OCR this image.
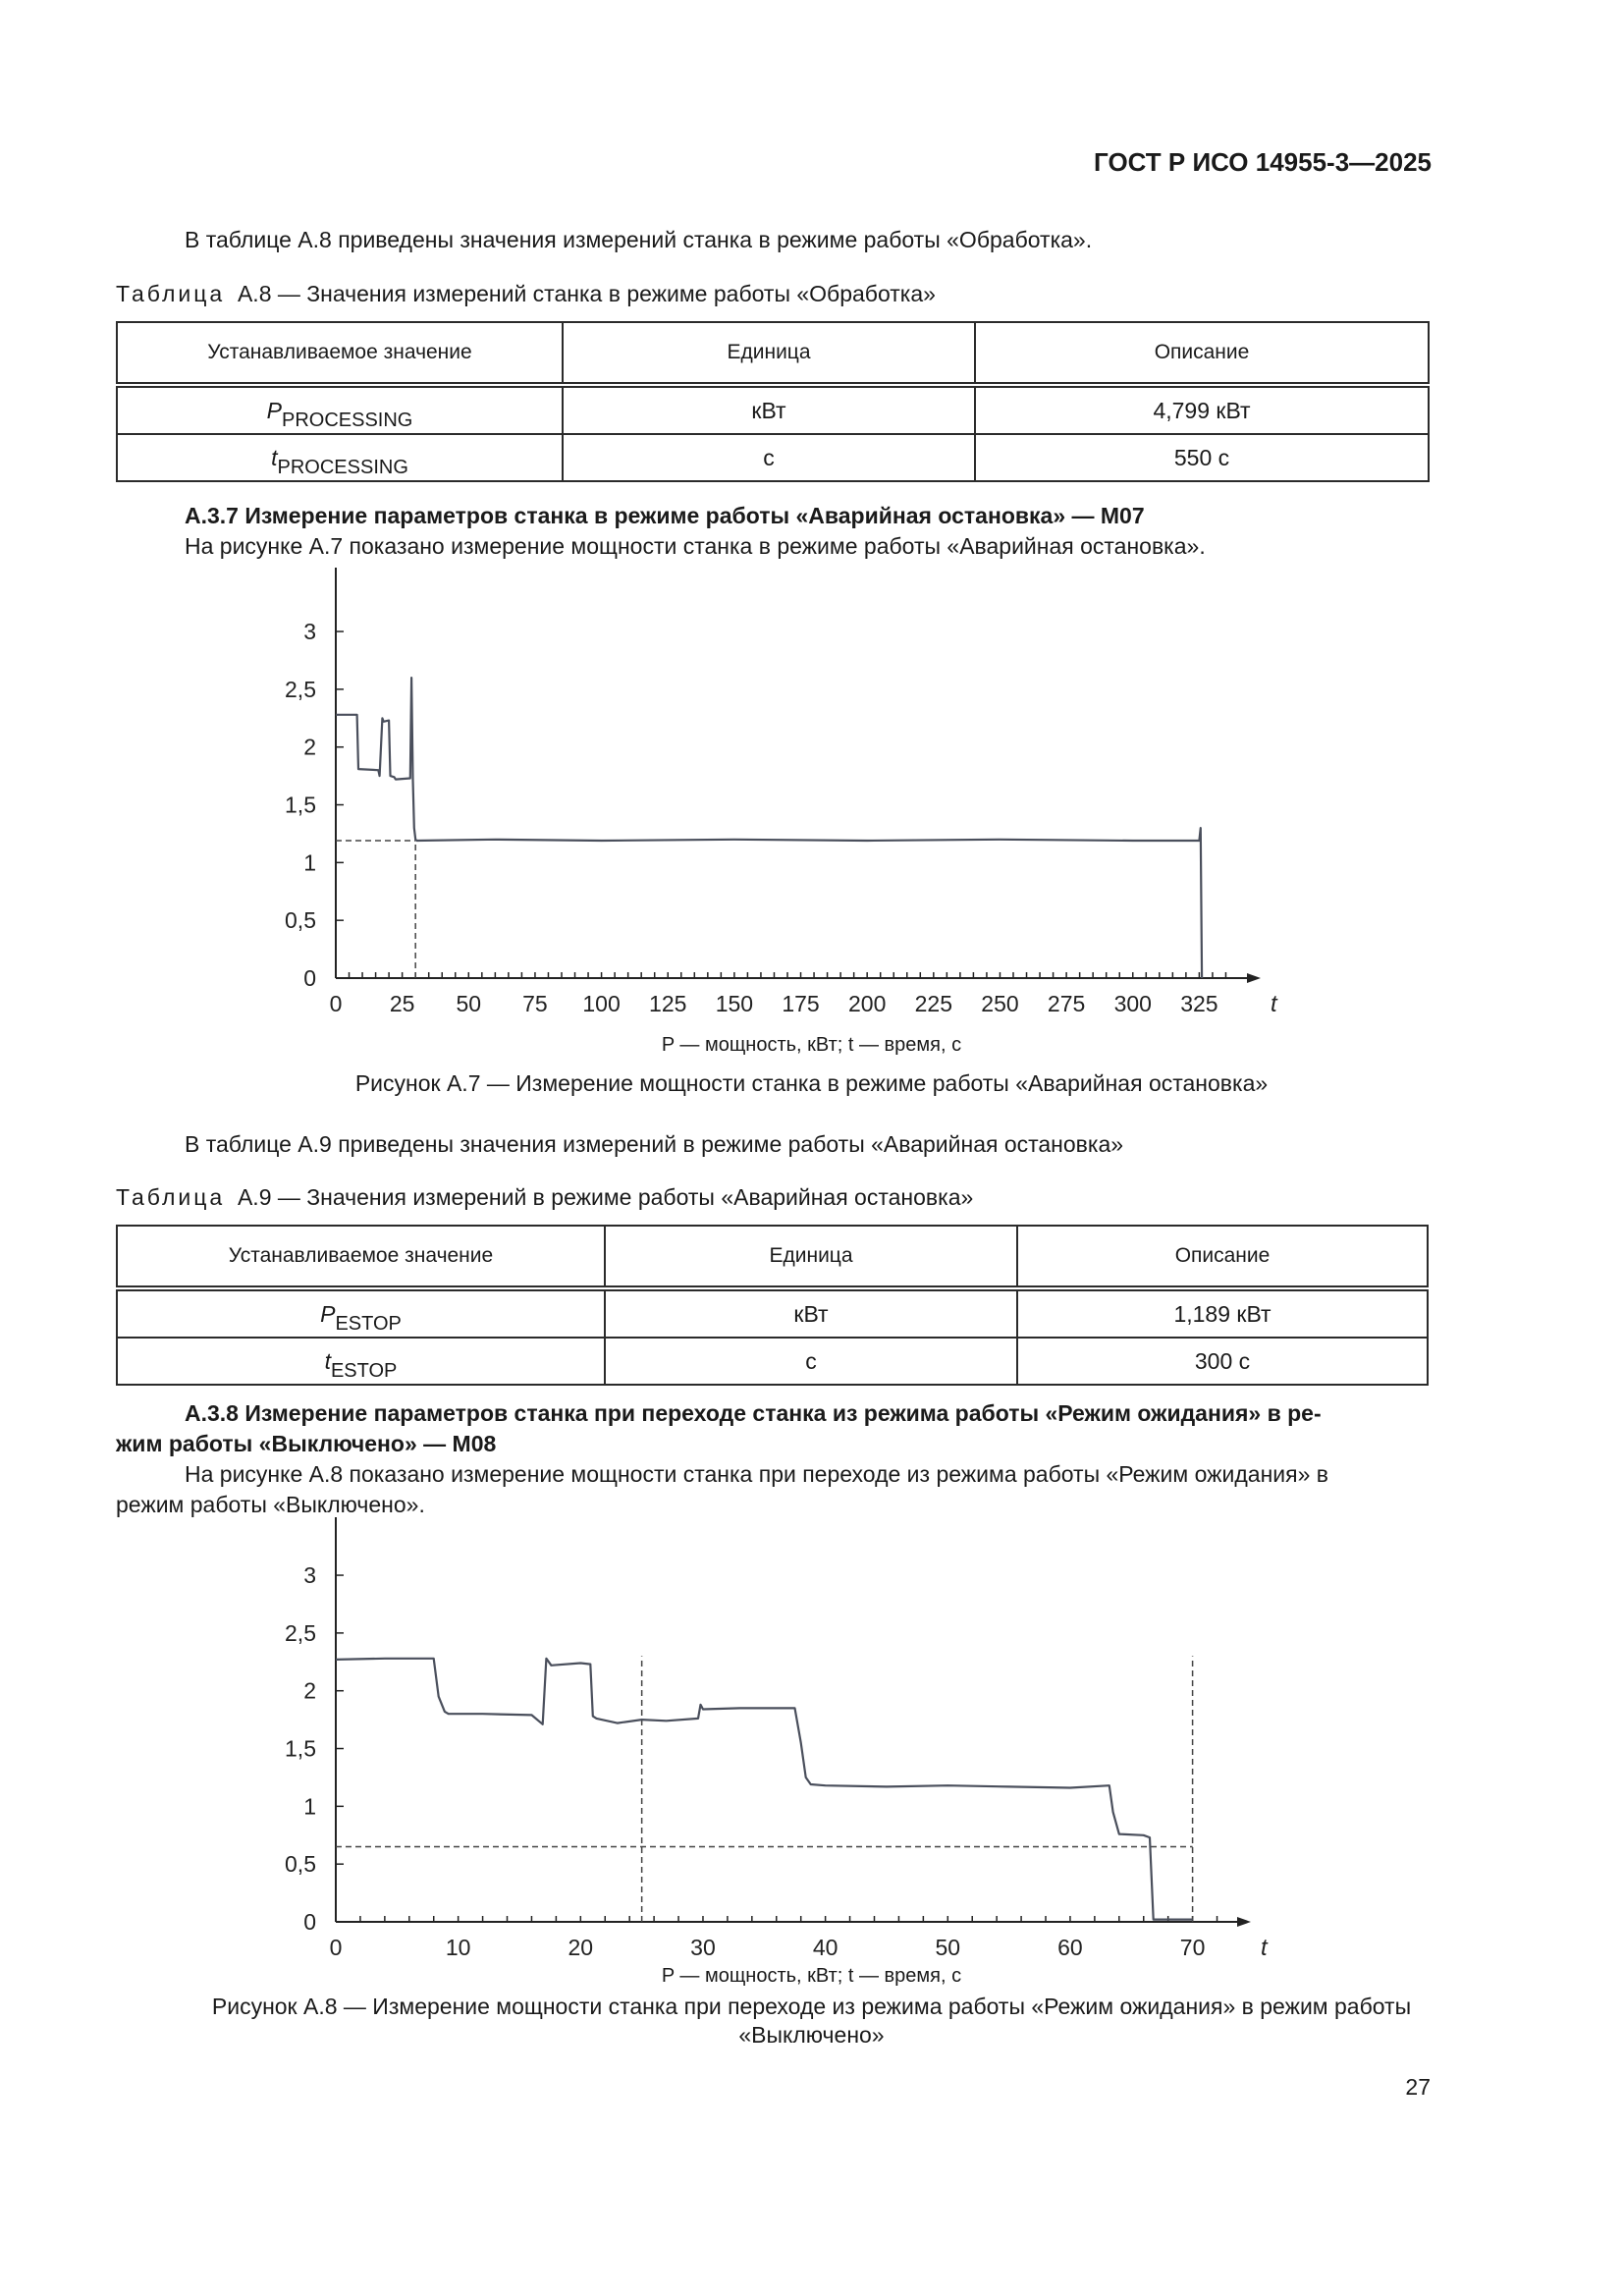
ГОСТ Р ИСО 14955-3—2025
В таблице А.8 приведены значения измерений станка в режиме работы «Обработка».
Таблица А.8 — Значения измерений станка в режиме работы «Обработка»
Устанавливаемое значение	Единица	Описание
PPROCESSING	кВт	4,799 кВт
tPROCESSING	с	550 с
А.3.7 Измерение параметров станка в режиме работы «Аварийная остановка» — М07
На рисунке А.7 показано измерение мощности станка в режиме работы «Аварийная остановка».
0
0,5
1
1,5
2
2,5
3
0 25 50 75 100 125 150 175 200 225 250 275 300 325 t
P — мощность, кВт; t — время, с
Рисунок А.7 — Измерение мощности станка в режиме работы «Аварийная остановка»
В таблице А.9 приведены значения измерений в режиме работы «Аварийная остановка»
Таблица А.9 — Значения измерений в режиме работы «Аварийная остановка»
Устанавливаемое значение	Единица	Описание
PESTOP	кВт	1,189 кВт
tESTOP	с	300 с
А.3.8 Измерение параметров станка при переходе станка из режима работы «Режим ожидания» в ре-
жим работы «Выключено» — М08
На рисунке А.8 показано измерение мощности станка при переходе из режима работы «Режим ожидания» в
режим работы «Выключено».
0
0,5
1
1,5
2
2,5
3
0	10	20	30	40	50	60	70 t
P — мощность, кВт; t — время, с
Рисунок А.8 — Измерение мощности станка при переходе из режима работы «Режим ожидания» в режим работы
«Выключено»
27
